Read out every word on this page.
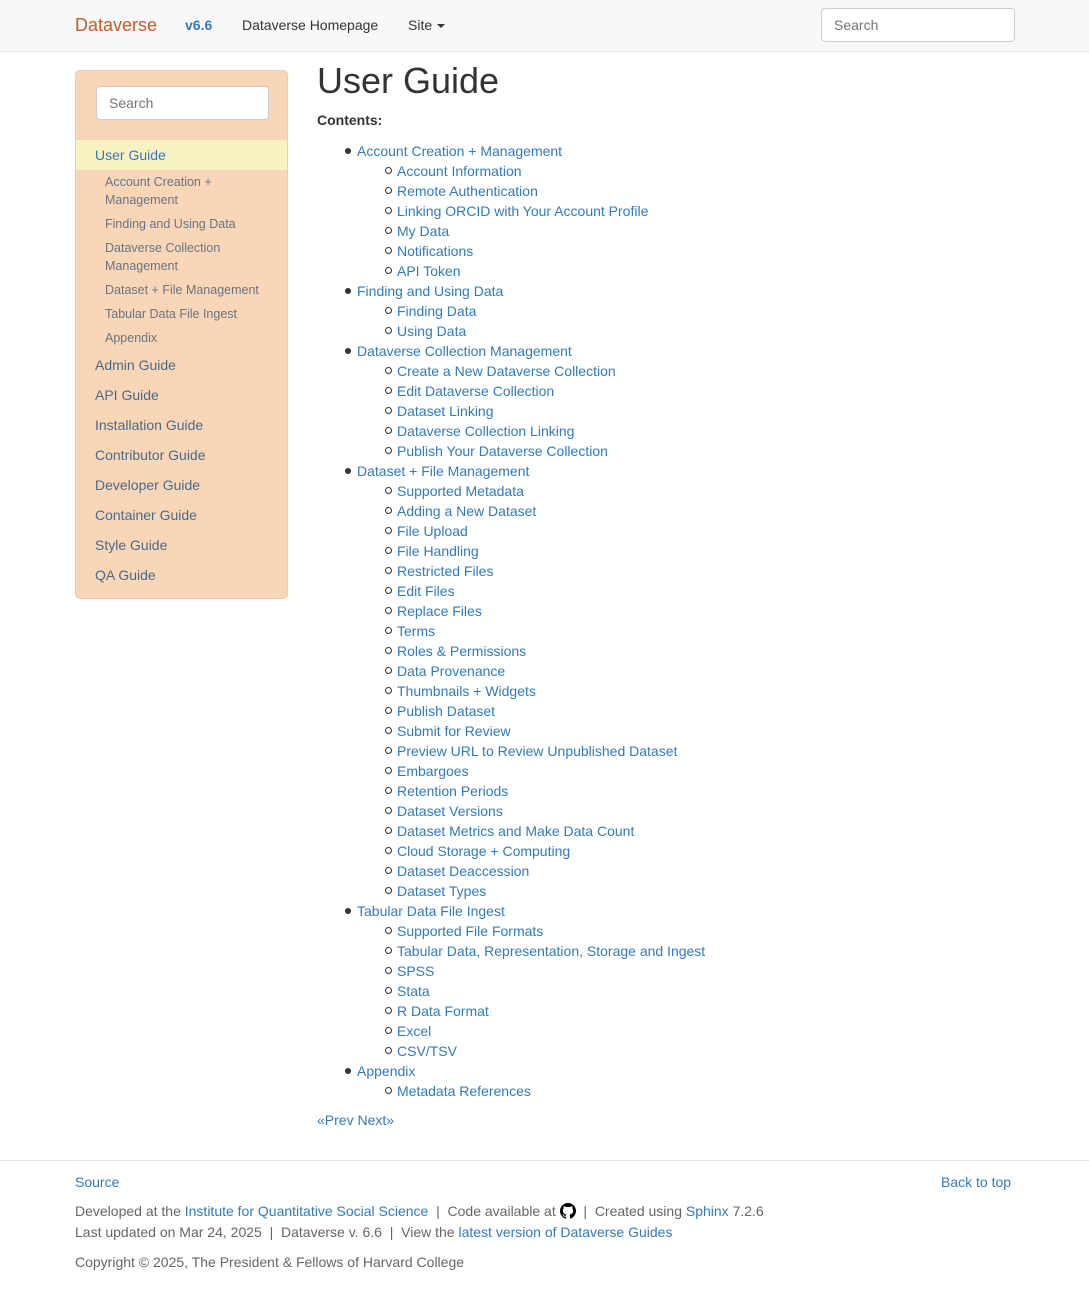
Dataverse v6.6 Dataverse Homepage Site
Search
Search
User Guide
Account Creation + Management
Finding and Using Data
Dataverse Collection Management
Dataset + File Management
Tabular Data File Ingest
Appendix
Admin Guide
API Guide
Installation Guide
Contributor Guide
Developer Guide
Container Guide
Style Guide
QA Guide
User Guide
Contents:
Account Creation + Management
Account Information
Remote Authentication
Linking ORCID with Your Account Profile
My Data
Notifications
API Token
Finding and Using Data
Finding Data
Using Data
Dataverse Collection Management
Create a New Dataverse Collection
Edit Dataverse Collection
Dataset Linking
Dataverse Collection Linking
Publish Your Dataverse Collection
Dataset + File Management
Supported Metadata
Adding a New Dataset
File Upload
File Handling
Restricted Files
Edit Files
Replace Files
Terms
Roles & Permissions
Data Provenance
Thumbnails + Widgets
Publish Dataset
Submit for Review
Preview URL to Review Unpublished Dataset
Embargoes
Retention Periods
Dataset Versions
Dataset Metrics and Make Data Count
Cloud Storage + Computing
Dataset Deaccession
Dataset Types
Tabular Data File Ingest
Supported File Formats
Tabular Data, Representation, Storage and Ingest
SPSS
Stata
R Data Format
Excel
CSV/TSV
Appendix
Metadata References
«Prev Next»
Source	Back to top
Developed at the Institute for Quantitative Social Science | Code available at | Created using Sphinx 7.2.6
Last updated on Mar 24, 2025 | Dataverse v. 6.6 | View the latest version of Dataverse Guides
Copyright © 2025, The President & Fellows of Harvard College
